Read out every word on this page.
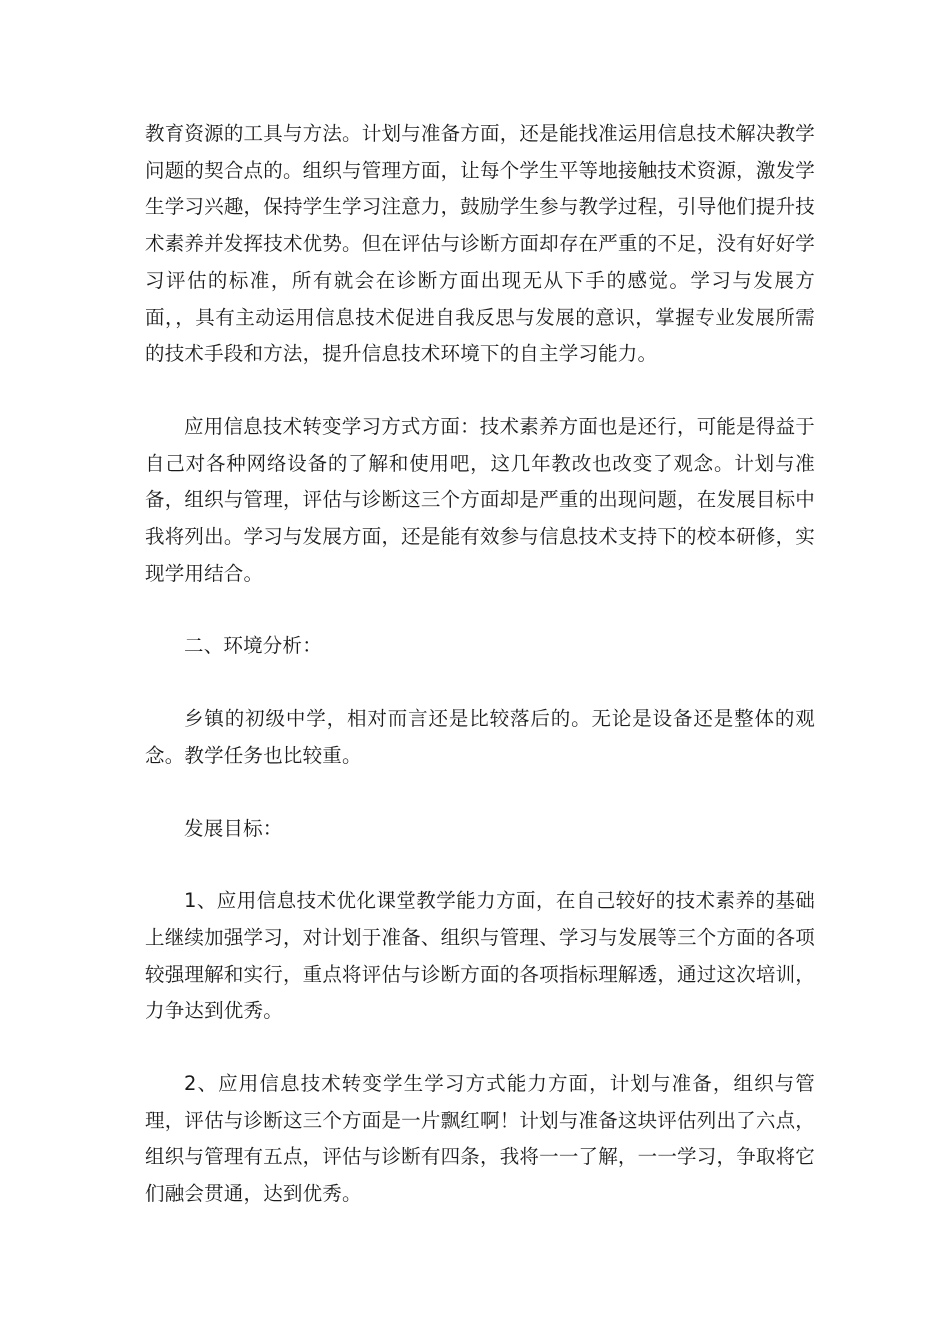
教育资源的工具与方法。计划与准备方面，还是能找准运用信息技术解决教学问题的契合点的。组织与管理方面，让每个学生平等地接触技术资源，激发学生学习兴趣，保持学生学习注意力，鼓励学生参与教学过程，引导他们提升技术素养并发挥技术优势。但在评估与诊断方面却存在严重的不足，没有好好学习评估的标准，所有就会在诊断方面出现无从下手的感觉。学习与发展方面，，具有主动运用信息技术促进自我反思与发展的意识，掌握专业发展所需的技术手段和方法，提升信息技术环境下的自主学习能力。

应用信息技术转变学习方式方面：技术素养方面也是还行，可能是得益于自己对各种网络设备的了解和使用吧，这几年教改也改变了观念。计划与准备，组织与管理，评估与诊断这三个方面却是严重的出现问题，在发展目标中我将列出。学习与发展方面，还是能有效参与信息技术支持下的校本研修，实现学用结合。

二、环境分析：

乡镇的初级中学，相对而言还是比较落后的。无论是设备还是整体的观念。教学任务也比较重。

发展目标：

1、应用信息技术优化课堂教学能力方面，在自己较好的技术素养的基础上继续加强学习，对计划于准备、组织与管理、学习与发展等三个方面的各项较强理解和实行，重点将评估与诊断方面的各项指标理解透，通过这次培训，力争达到优秀。

2、应用信息技术转变学生学习方式能力方面，计划与准备，组织与管理，评估与诊断这三个方面是一片飘红啊！计划与准备这块评估列出了六点，组织与管理有五点，评估与诊断有四条，我将一一了解，一一学习，争取将它们融会贯通，达到优秀。
